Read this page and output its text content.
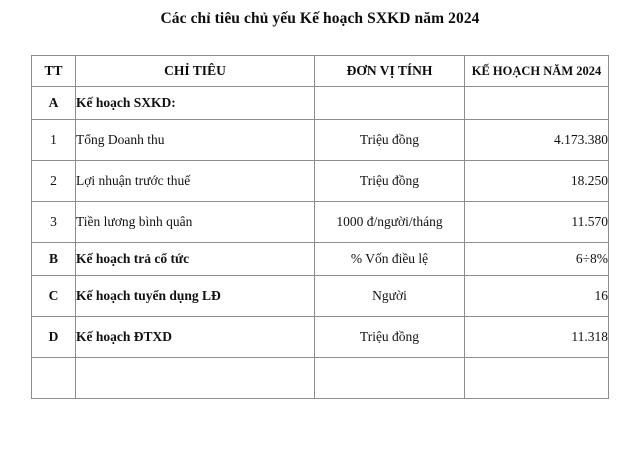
Các chỉ tiêu chủ yếu Kế hoạch SXKD năm 2024
TT	CHỈ TIÊU	ĐƠN VỊ TÍNH	KẾ HOẠCH NĂM 2024
A	Kế hoạch SXKD:		
1	Tổng Doanh thu	Triệu đồng	4.173.380
2	Lợi nhuận trước thuế	Triệu đồng	18.250
3	Tiền lương bình quân	1000 đ/người/tháng	11.570
B	Kế hoạch trả cổ tức	% Vốn điều lệ	6÷8%
C	Kế hoạch tuyển dụng LĐ	Người	16
D	Kế hoạch ĐTXD	Triệu đồng	11.318
